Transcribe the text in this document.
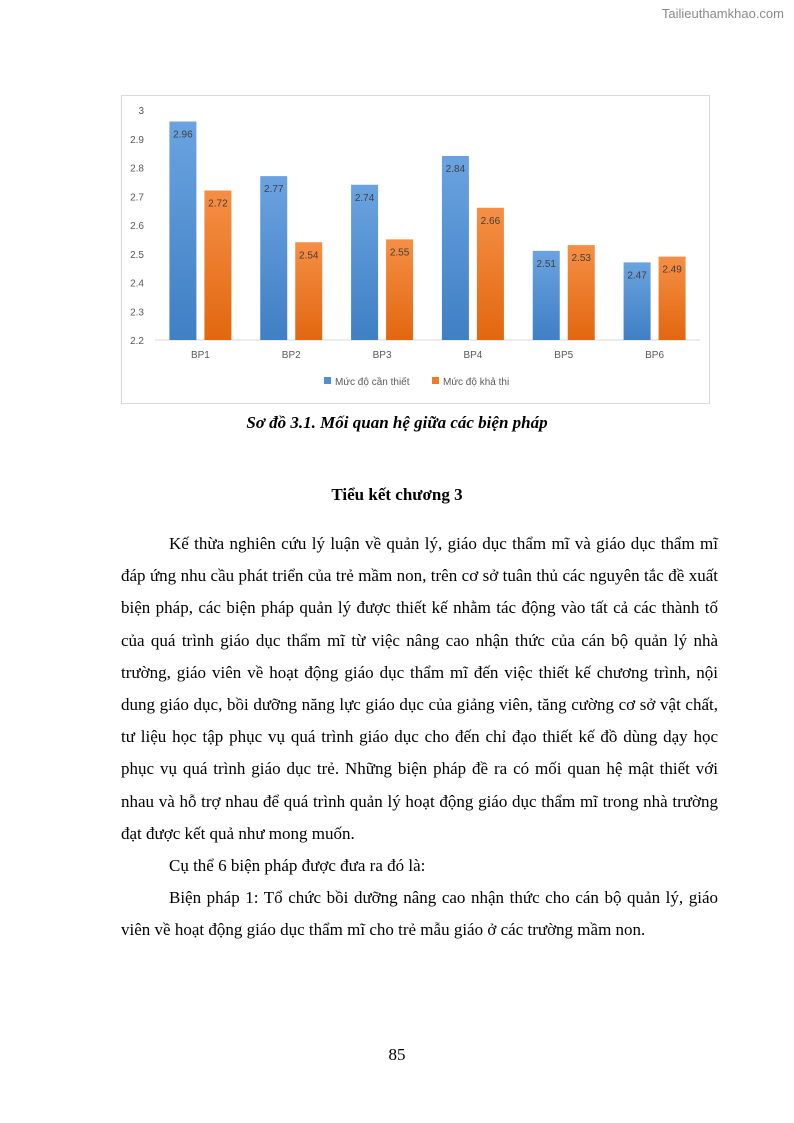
Tailieuthamkhao.com
2.2
2.3
2.4
2.5
2.6
2.7
2.8
2.9
3
2.96
2.72
BP1
2.77
2.54
BP2
2.74
2.55
BP3
2.84
2.66
BP4
2.51
2.53
BP5
2.47
2.49
BP6
Mức độ cần thiết	Mức độ khả thi
Sơ đồ 3.1. Mối quan hệ giữa các biện pháp
Tiểu kết chương 3

Kế thừa nghiên cứu lý luận về quản lý, giáo dục thẩm mĩ và giáo dục thẩm mĩ đáp ứng nhu cầu phát triển của trẻ mầm non, trên cơ sở tuân thủ các nguyên tắc đề xuất biện pháp, các biện pháp quản lý được thiết kế nhằm tác động vào tất cả các thành tố của quá trình giáo dục thẩm mĩ từ việc nâng cao nhận thức của cán bộ quản lý nhà trường, giáo viên về hoạt động giáo dục thẩm mĩ đến việc thiết kế chương trình, nội dung giáo dục, bồi dưỡng năng lực giáo dục của giảng viên, tăng cường cơ sở vật chất, tư liệu học tập phục vụ quá trình giáo dục cho đến chỉ đạo thiết kế đồ dùng dạy học phục vụ quá trình giáo dục trẻ. Những biện pháp đề ra có mối quan hệ mật thiết với nhau và hỗ trợ nhau để quá trình quản lý hoạt động giáo dục thẩm mĩ trong nhà trường đạt được kết quả như mong muốn.

Cụ thể 6 biện pháp được đưa ra đó là:

Biện pháp 1: Tổ chức bồi dưỡng nâng cao nhận thức cho cán bộ quản lý, giáo viên về hoạt động giáo dục thẩm mĩ cho trẻ mẫu giáo ở các trường mầm non.

85
